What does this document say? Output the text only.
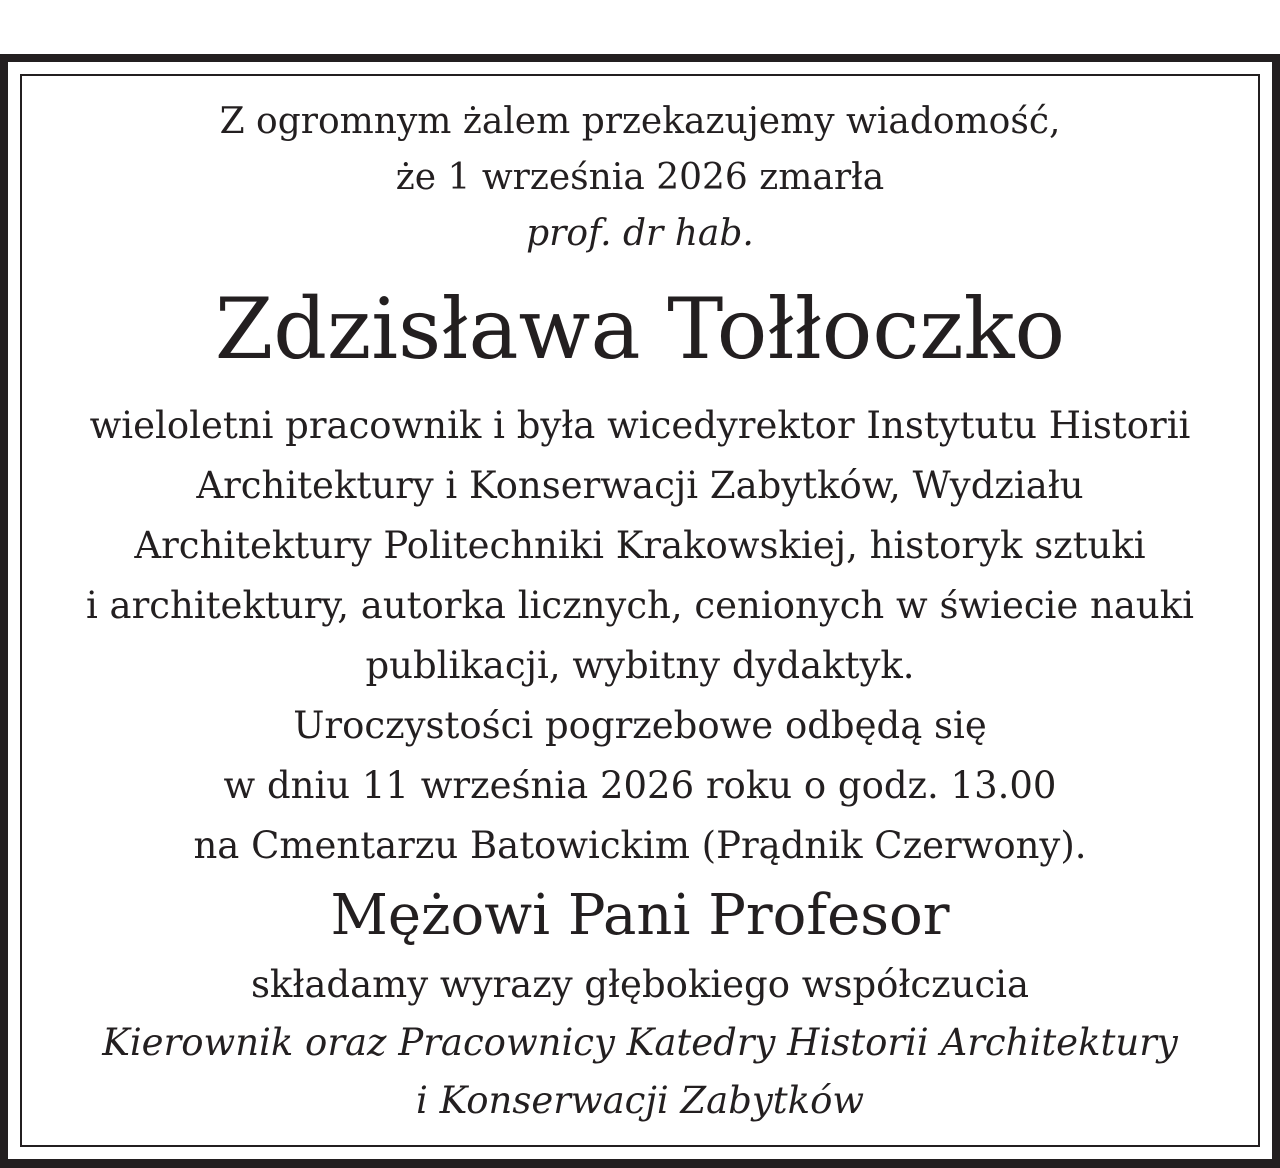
Z ogromnym żalem przekazujemy wiadomość,
że 1 września 2026 zmarła
prof. dr hab.
Zdzisława Tołłoczko
wieloletni pracownik i była wicedyrektor Instytutu Historii
Architektury i Konserwacji Zabytków, Wydziału
Architektury Politechniki Krakowskiej, historyk sztuki
i architektury, autorka licznych, cenionych w świecie nauki
publikacji, wybitny dydaktyk.
Uroczystości pogrzebowe odbędą się
w dniu 11 września 2026 roku o godz. 13.00
na Cmentarzu Batowickim (Prądnik Czerwony).
Mężowi Pani Profesor
składamy wyrazy głębokiego współczucia
Kierownik oraz Pracownicy Katedry Historii Architektury
i Konserwacji Zabytków
